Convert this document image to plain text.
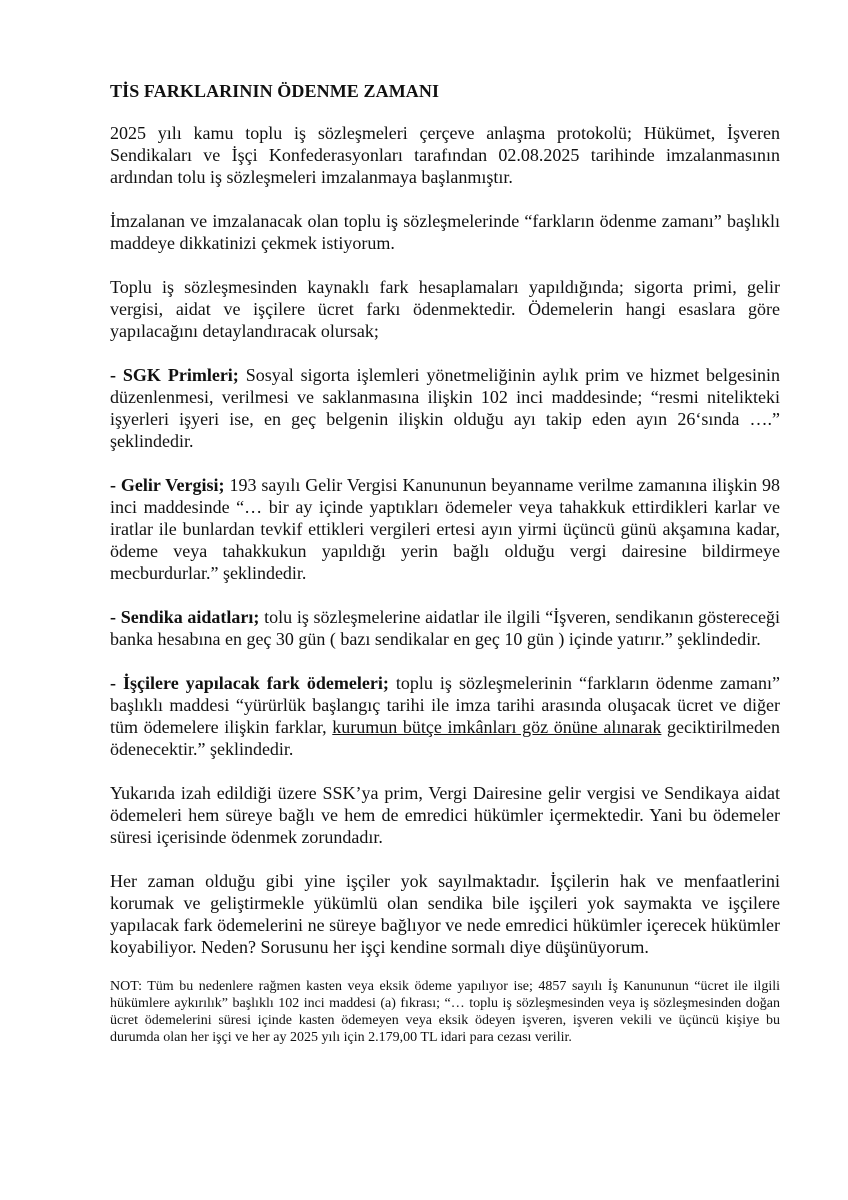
TİS FARKLARININ ÖDENME ZAMANI

2025 yılı kamu toplu iş sözleşmeleri çerçeve anlaşma protokolü; Hükümet, İşveren Sendikaları ve İşçi Konfederasyonları tarafından 02.08.2025 tarihinde imzalanmasının ardından tolu iş sözleşmeleri imzalanmaya başlanmıştır.

İmzalanan ve imzalanacak olan toplu iş sözleşmelerinde “farkların ödenme zamanı” başlıklı maddeye dikkatinizi çekmek istiyorum.

Toplu iş sözleşmesinden kaynaklı fark hesaplamaları yapıldığında; sigorta primi, gelir vergisi, aidat ve işçilere ücret farkı ödenmektedir. Ödemelerin hangi esaslara göre yapılacağını detaylandıracak olursak;

- SGK Primleri; Sosyal sigorta işlemleri yönetmeliğinin aylık prim ve hizmet belgesinin düzenlenmesi, verilmesi ve saklanmasına ilişkin 102 inci maddesinde; “resmi nitelikteki işyerleri işyeri ise, en geç belgenin ilişkin olduğu ayı takip eden ayın 26‘sında ….” şeklindedir.

- Gelir Vergisi; 193 sayılı Gelir Vergisi Kanununun beyanname verilme zamanına ilişkin 98 inci maddesinde “… bir ay içinde yaptıkları ödemeler veya tahakkuk ettirdikleri karlar ve iratlar ile bunlardan tevkif ettikleri vergileri ertesi ayın yirmi üçüncü günü akşamına kadar, ödeme veya tahakkukun yapıldığı yerin bağlı olduğu vergi dairesine bildirmeye mecburdurlar.” şeklindedir.

- Sendika aidatları; tolu iş sözleşmelerine aidatlar ile ilgili “İşveren, sendikanın göstereceği banka hesabına en geç 30 gün ( bazı sendikalar en geç 10 gün ) içinde yatırır.” şeklindedir.

- İşçilere yapılacak fark ödemeleri; toplu iş sözleşmelerinin “farkların ödenme zamanı” başlıklı maddesi “yürürlük başlangıç tarihi ile imza tarihi arasında oluşacak ücret ve diğer tüm ödemelere ilişkin farklar, kurumun bütçe imkânları göz önüne alınarak geciktirilmeden ödenecektir.” şeklindedir.

Yukarıda izah edildiği üzere SSK’ya prim, Vergi Dairesine gelir vergisi ve Sendikaya aidat ödemeleri hem süreye bağlı ve hem de emredici hükümler içermektedir. Yani bu ödemeler süresi içerisinde ödenmek zorundadır.

Her zaman olduğu gibi yine işçiler yok sayılmaktadır. İşçilerin hak ve menfaatlerini korumak ve geliştirmekle yükümlü olan sendika bile işçileri yok saymakta ve işçilere yapılacak fark ödemelerini ne süreye bağlıyor ve nede emredici hükümler içerecek hükümler koyabiliyor. Neden? Sorusunu her işçi kendine sormalı diye düşünüyorum.

NOT: Tüm bu nedenlere rağmen kasten veya eksik ödeme yapılıyor ise; 4857 sayılı İş Kanununun “ücret ile ilgili hükümlere aykırılık” başlıklı 102 inci maddesi (a) fıkrası; “… toplu iş sözleşmesinden veya iş sözleşmesinden doğan ücret ödemelerini süresi içinde kasten ödemeyen veya eksik ödeyen işveren, işveren vekili ve üçüncü kişiye bu durumda olan her işçi ve her ay 2025 yılı için 2.179,00 TL idari para cezası verilir.
